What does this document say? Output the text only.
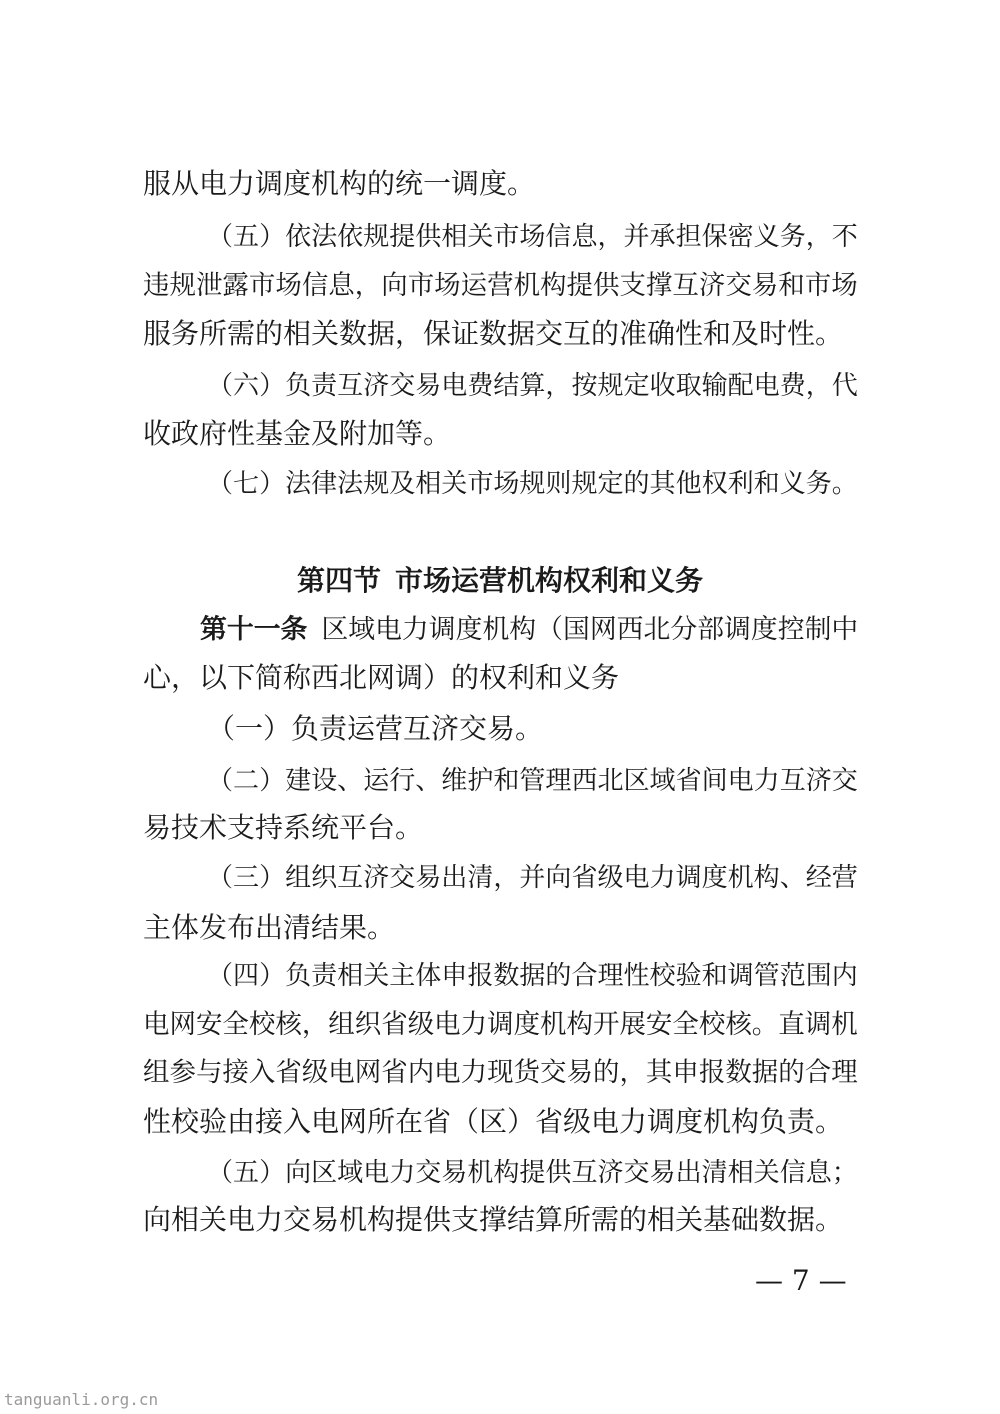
服从电力调度机构的统一调度。
（五）依法依规提供相关市场信息，并承担保密义务，不
违规泄露市场信息，向市场运营机构提供支撑互济交易和市场
服务所需的相关数据，保证数据交互的准确性和及时性。
（六）负责互济交易电费结算，按规定收取输配电费，代
收政府性基金及附加等。
（七）法律法规及相关市场规则规定的其他权利和义务。
第四节 市场运营机构权利和义务
第十一条 区域电力调度机构（国网西北分部调度控制中
心，以下简称西北网调）的权利和义务
（一）负责运营互济交易。
（二）建设、运行、维护和管理西北区域省间电力互济交
易技术支持系统平台。
（三）组织互济交易出清，并向省级电力调度机构、经营
主体发布出清结果。
（四）负责相关主体申报数据的合理性校验和调管范围内
电网安全校核，组织省级电力调度机构开展安全校核。直调机
组参与接入省级电网省内电力现货交易的，其申报数据的合理
性校验由接入电网所在省（区）省级电力调度机构负责。
（五）向区域电力交易机构提供互济交易出清相关信息；
向相关电力交易机构提供支撑结算所需的相关基础数据。
— 7 —
tanguanli.org.cn
